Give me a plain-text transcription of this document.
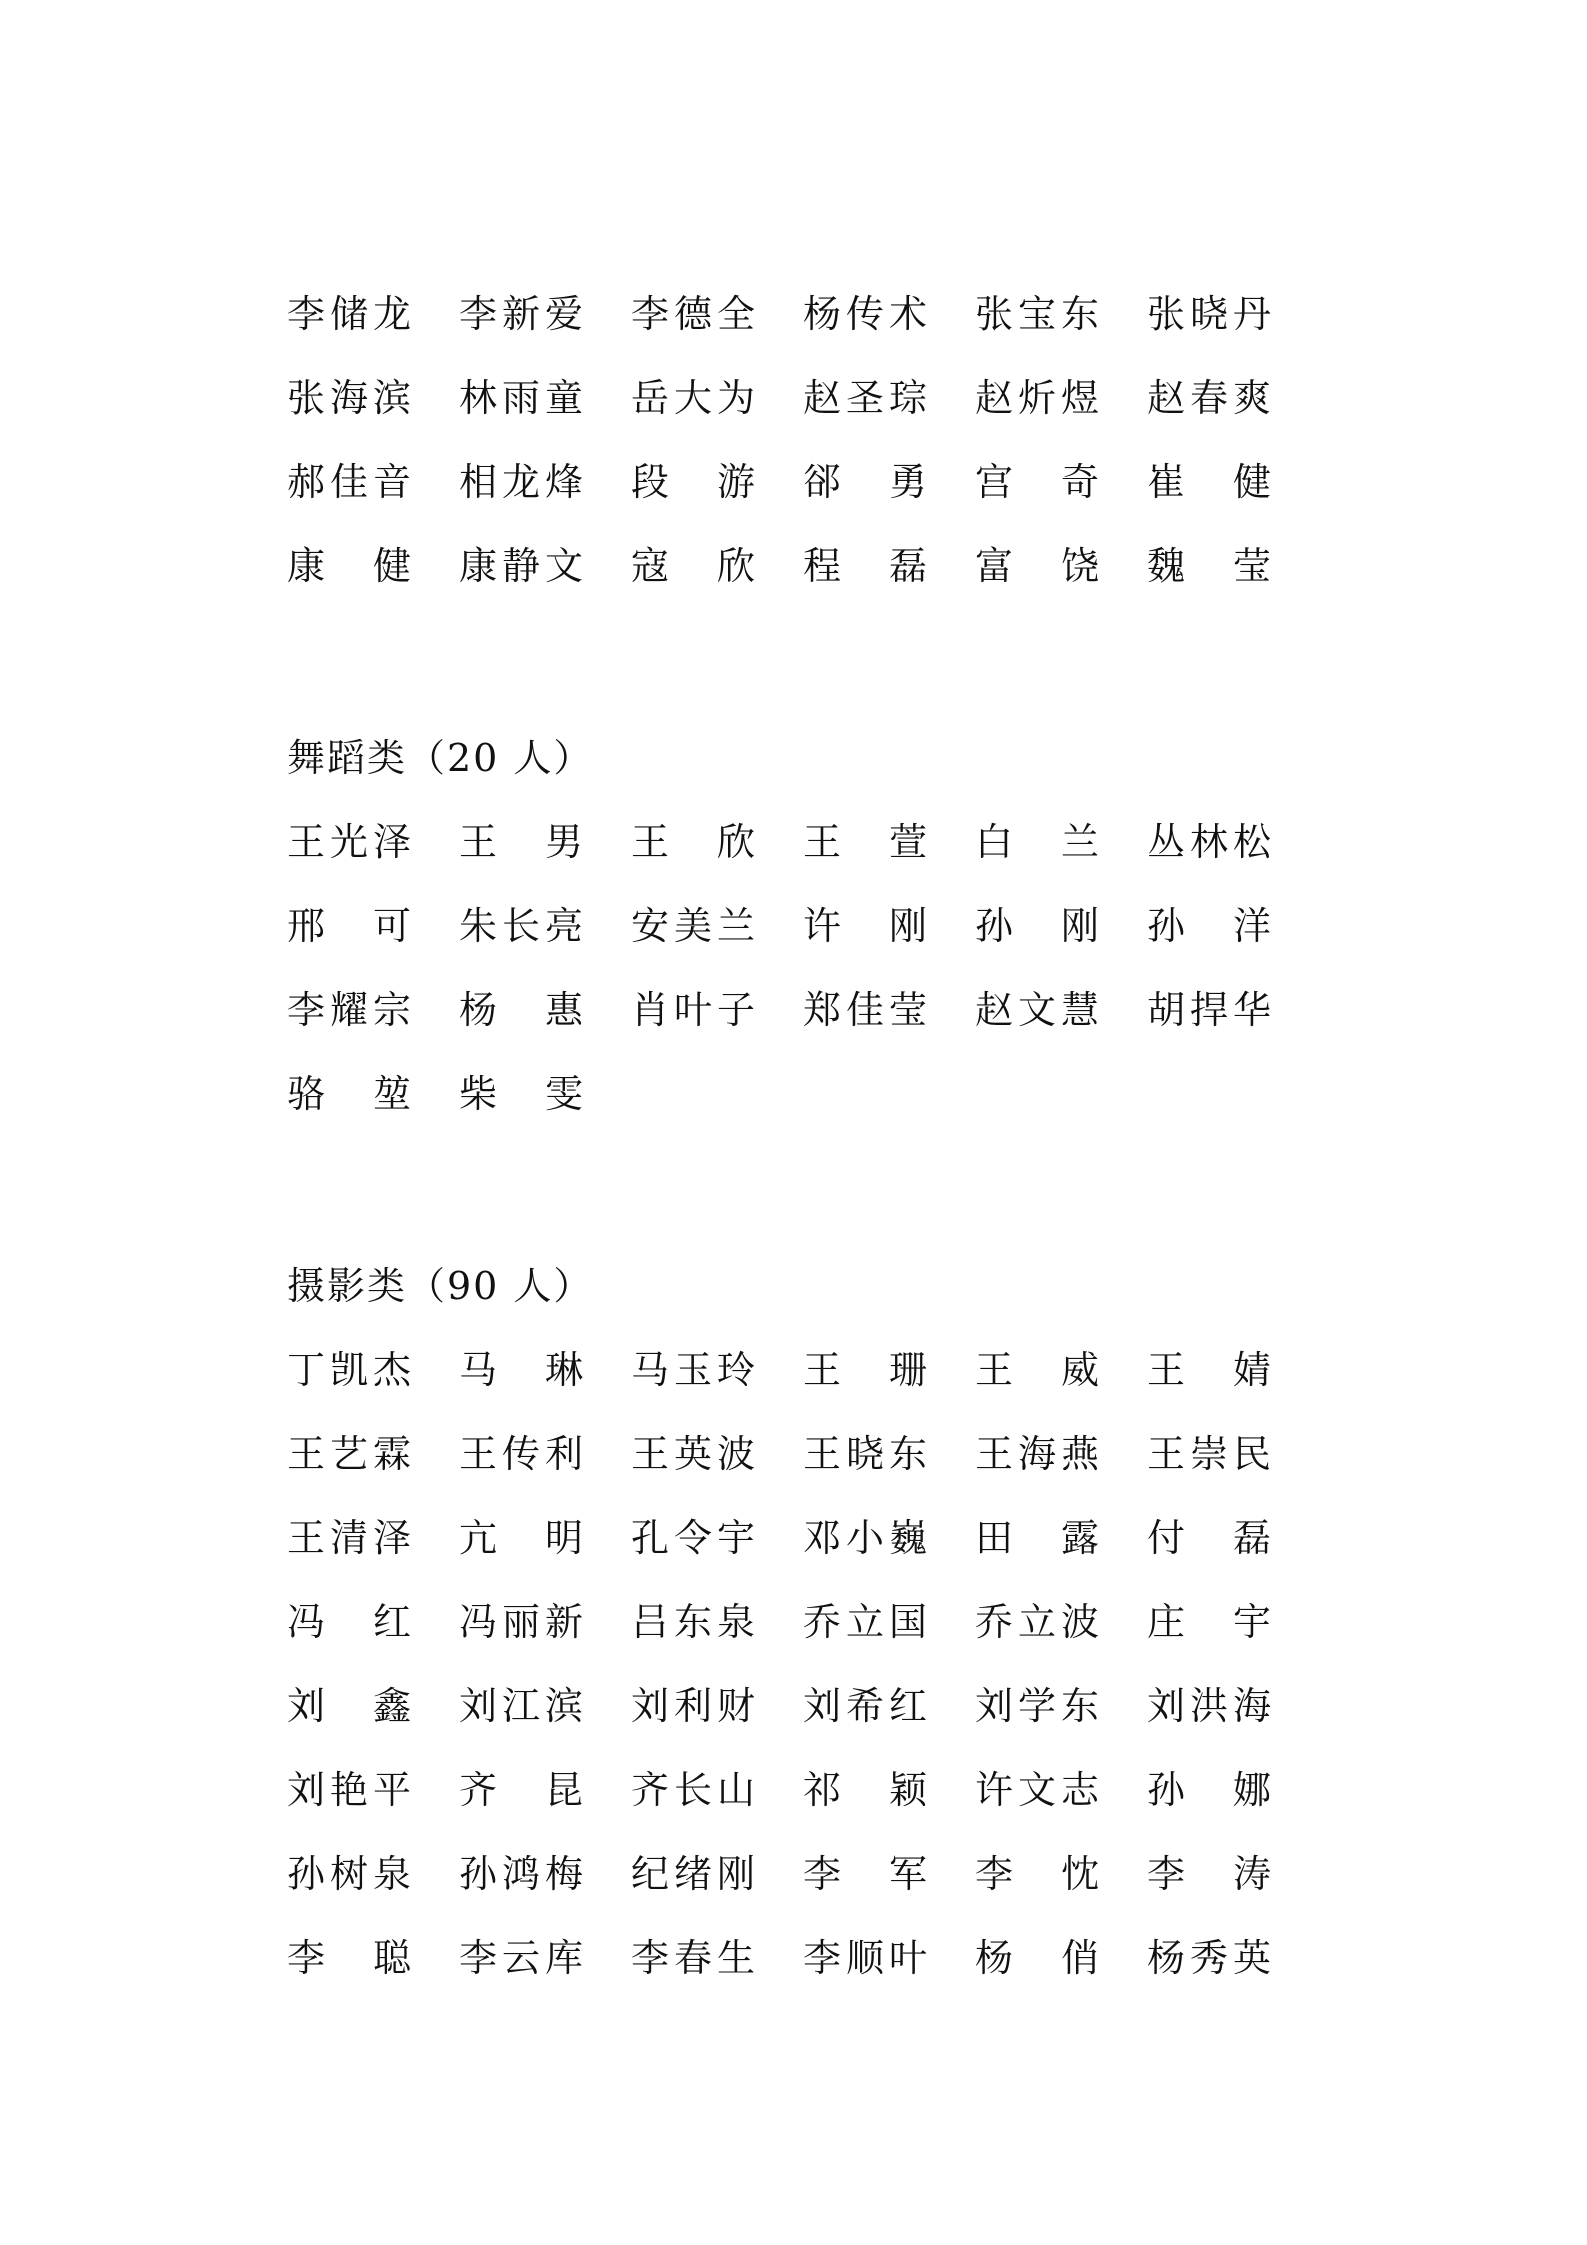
李 储 龙 李 新 爱 李 德 全 杨 传 术 张 宝 东 张 晓 丹
张 海 滨 林 雨 童 岳 大 为 赵 圣 琮 赵 炘 煜 赵 春 爽
郝 佳 音 相 龙 烽 段 游 郤 勇 宫 奇 崔 健
康 健 康 静 文 寇 欣 程 磊 富 饶 魏 莹
舞蹈类（20 人）
王 光 泽 王 男 王 欣 王 萱 白 兰 丛 林 松
邢 可 朱 长 亮 安 美 兰 许 刚 孙 刚 孙 洋
李 耀 宗 杨 惠 肖 叶 子 郑 佳 莹 赵 文 慧 胡 捍 华
骆 堃 柴 雯
摄影类（90 人）
丁 凯 杰 马 琳 马 玉 玲 王 珊 王 威 王 婧
王 艺 霖 王 传 利 王 英 波 王 晓 东 王 海 燕 王 崇 民
王 清 泽 亢 明 孔 令 宇 邓 小 巍 田 露 付 磊
冯 红 冯 丽 新 吕 东 泉 乔 立 国 乔 立 波 庄 宇
刘 鑫 刘 江 滨 刘 利 财 刘 希 红 刘 学 东 刘 洪 海
刘 艳 平 齐 昆 齐 长 山 祁 颖 许 文 志 孙 娜
孙 树 泉 孙 鸿 梅 纪 绪 刚 李 军 李 忱 李 涛
李 聪 李 云 库 李 春 生 李 顺 叶 杨 俏 杨 秀 英
